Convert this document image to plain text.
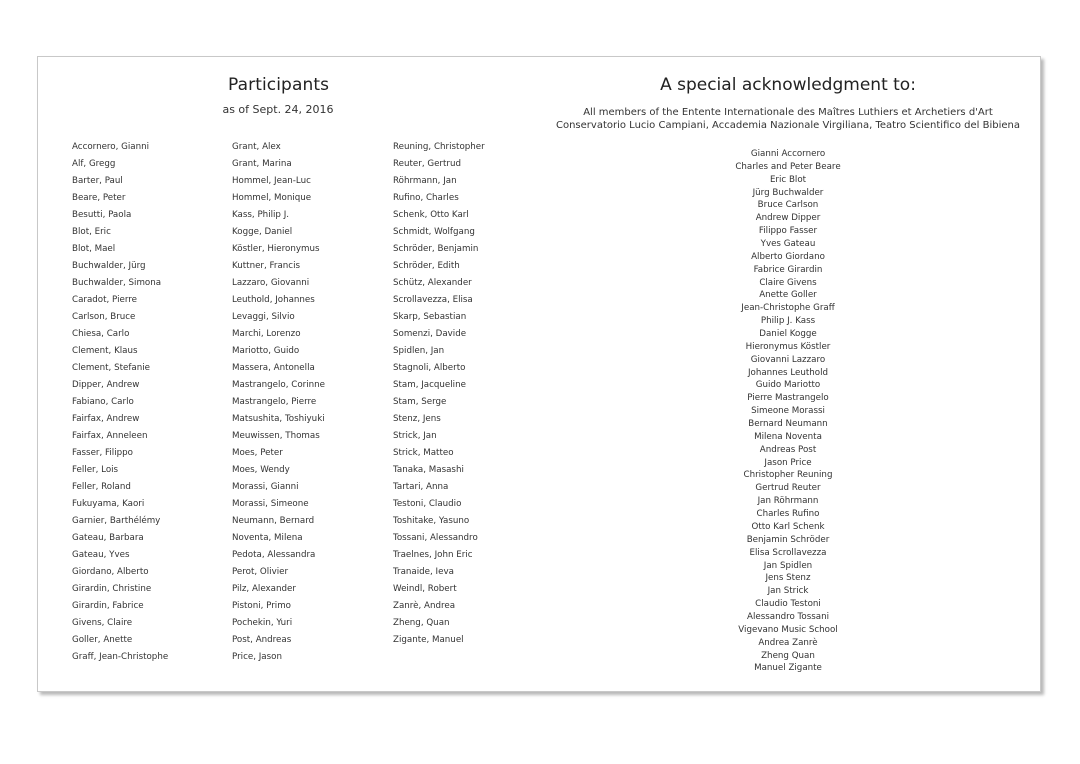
Participants
as of Sept. 24, 2016
Accornero, Gianni
Alf, Gregg
Barter, Paul
Beare, Peter
Besutti, Paola
Blot, Eric
Blot, Mael
Buchwalder, Jürg
Buchwalder, Simona
Caradot, Pierre
Carlson, Bruce
Chiesa, Carlo
Clement, Klaus
Clement, Stefanie
Dipper, Andrew
Fabiano, Carlo
Fairfax, Andrew
Fairfax, Anneleen
Fasser, Filippo
Feller, Lois
Feller, Roland
Fukuyama, Kaori
Garnier, Barthélémy
Gateau, Barbara
Gateau, Yves
Giordano, Alberto
Girardin, Christine
Girardin, Fabrice
Givens, Claire
Goller, Anette
Graff, Jean-Christophe
Grant, Alex
Grant, Marina
Hommel, Jean-Luc
Hommel, Monique
Kass, Philip J.
Kogge, Daniel
Köstler, Hieronymus
Kuttner, Francis
Lazzaro, Giovanni
Leuthold, Johannes
Levaggi, Silvio
Marchi, Lorenzo
Mariotto, Guido
Massera, Antonella
Mastrangelo, Corinne
Mastrangelo, Pierre
Matsushita, Toshiyuki
Meuwissen, Thomas
Moes, Peter
Moes, Wendy
Morassi, Gianni
Morassi, Simeone
Neumann, Bernard
Noventa, Milena
Pedota, Alessandra
Perot, Olivier
Pilz, Alexander
Pistoni, Primo
Pochekin, Yuri
Post, Andreas
Price, Jason
Reuning, Christopher
Reuter, Gertrud
Röhrmann, Jan
Rufino, Charles
Schenk, Otto Karl
Schmidt, Wolfgang
Schröder, Benjamin
Schröder, Edith
Schütz, Alexander
Scrollavezza, Elisa
Skarp, Sebastian
Somenzi, Davide
Spidlen, Jan
Stagnoli, Alberto
Stam, Jacqueline
Stam, Serge
Stenz, Jens
Strick, Jan
Strick, Matteo
Tanaka, Masashi
Tartari, Anna
Testoni, Claudio
Toshitake, Yasuno
Tossani, Alessandro
Traelnes, John Eric
Tranaide, Ieva
Weindl, Robert
Zanrè, Andrea
Zheng, Quan
Zigante, Manuel
A special acknowledgment to:
All members of the Entente Internationale des Maîtres Luthiers et Archetiers d'Art
Conservatorio Lucio Campiani, Accademia Nazionale Virgiliana, Teatro Scientifico del Bibiena
Gianni Accornero
Charles and Peter Beare
Eric Blot
Jürg Buchwalder
Bruce Carlson
Andrew Dipper
Filippo Fasser
Yves Gateau
Alberto Giordano
Fabrice Girardin
Claire Givens
Anette Goller
Jean-Christophe Graff
Philip J. Kass
Daniel Kogge
Hieronymus Köstler
Giovanni Lazzaro
Johannes Leuthold
Guido Mariotto
Pierre Mastrangelo
Simeone Morassi
Bernard Neumann
Milena Noventa
Andreas Post
Jason Price
Christopher Reuning
Gertrud Reuter
Jan Röhrmann
Charles Rufino
Otto Karl Schenk
Benjamin Schröder
Elisa Scrollavezza
Jan Spidlen
Jens Stenz
Jan Strick
Claudio Testoni
Alessandro Tossani
Vigevano Music School
Andrea Zanrè
Zheng Quan
Manuel Zigante
